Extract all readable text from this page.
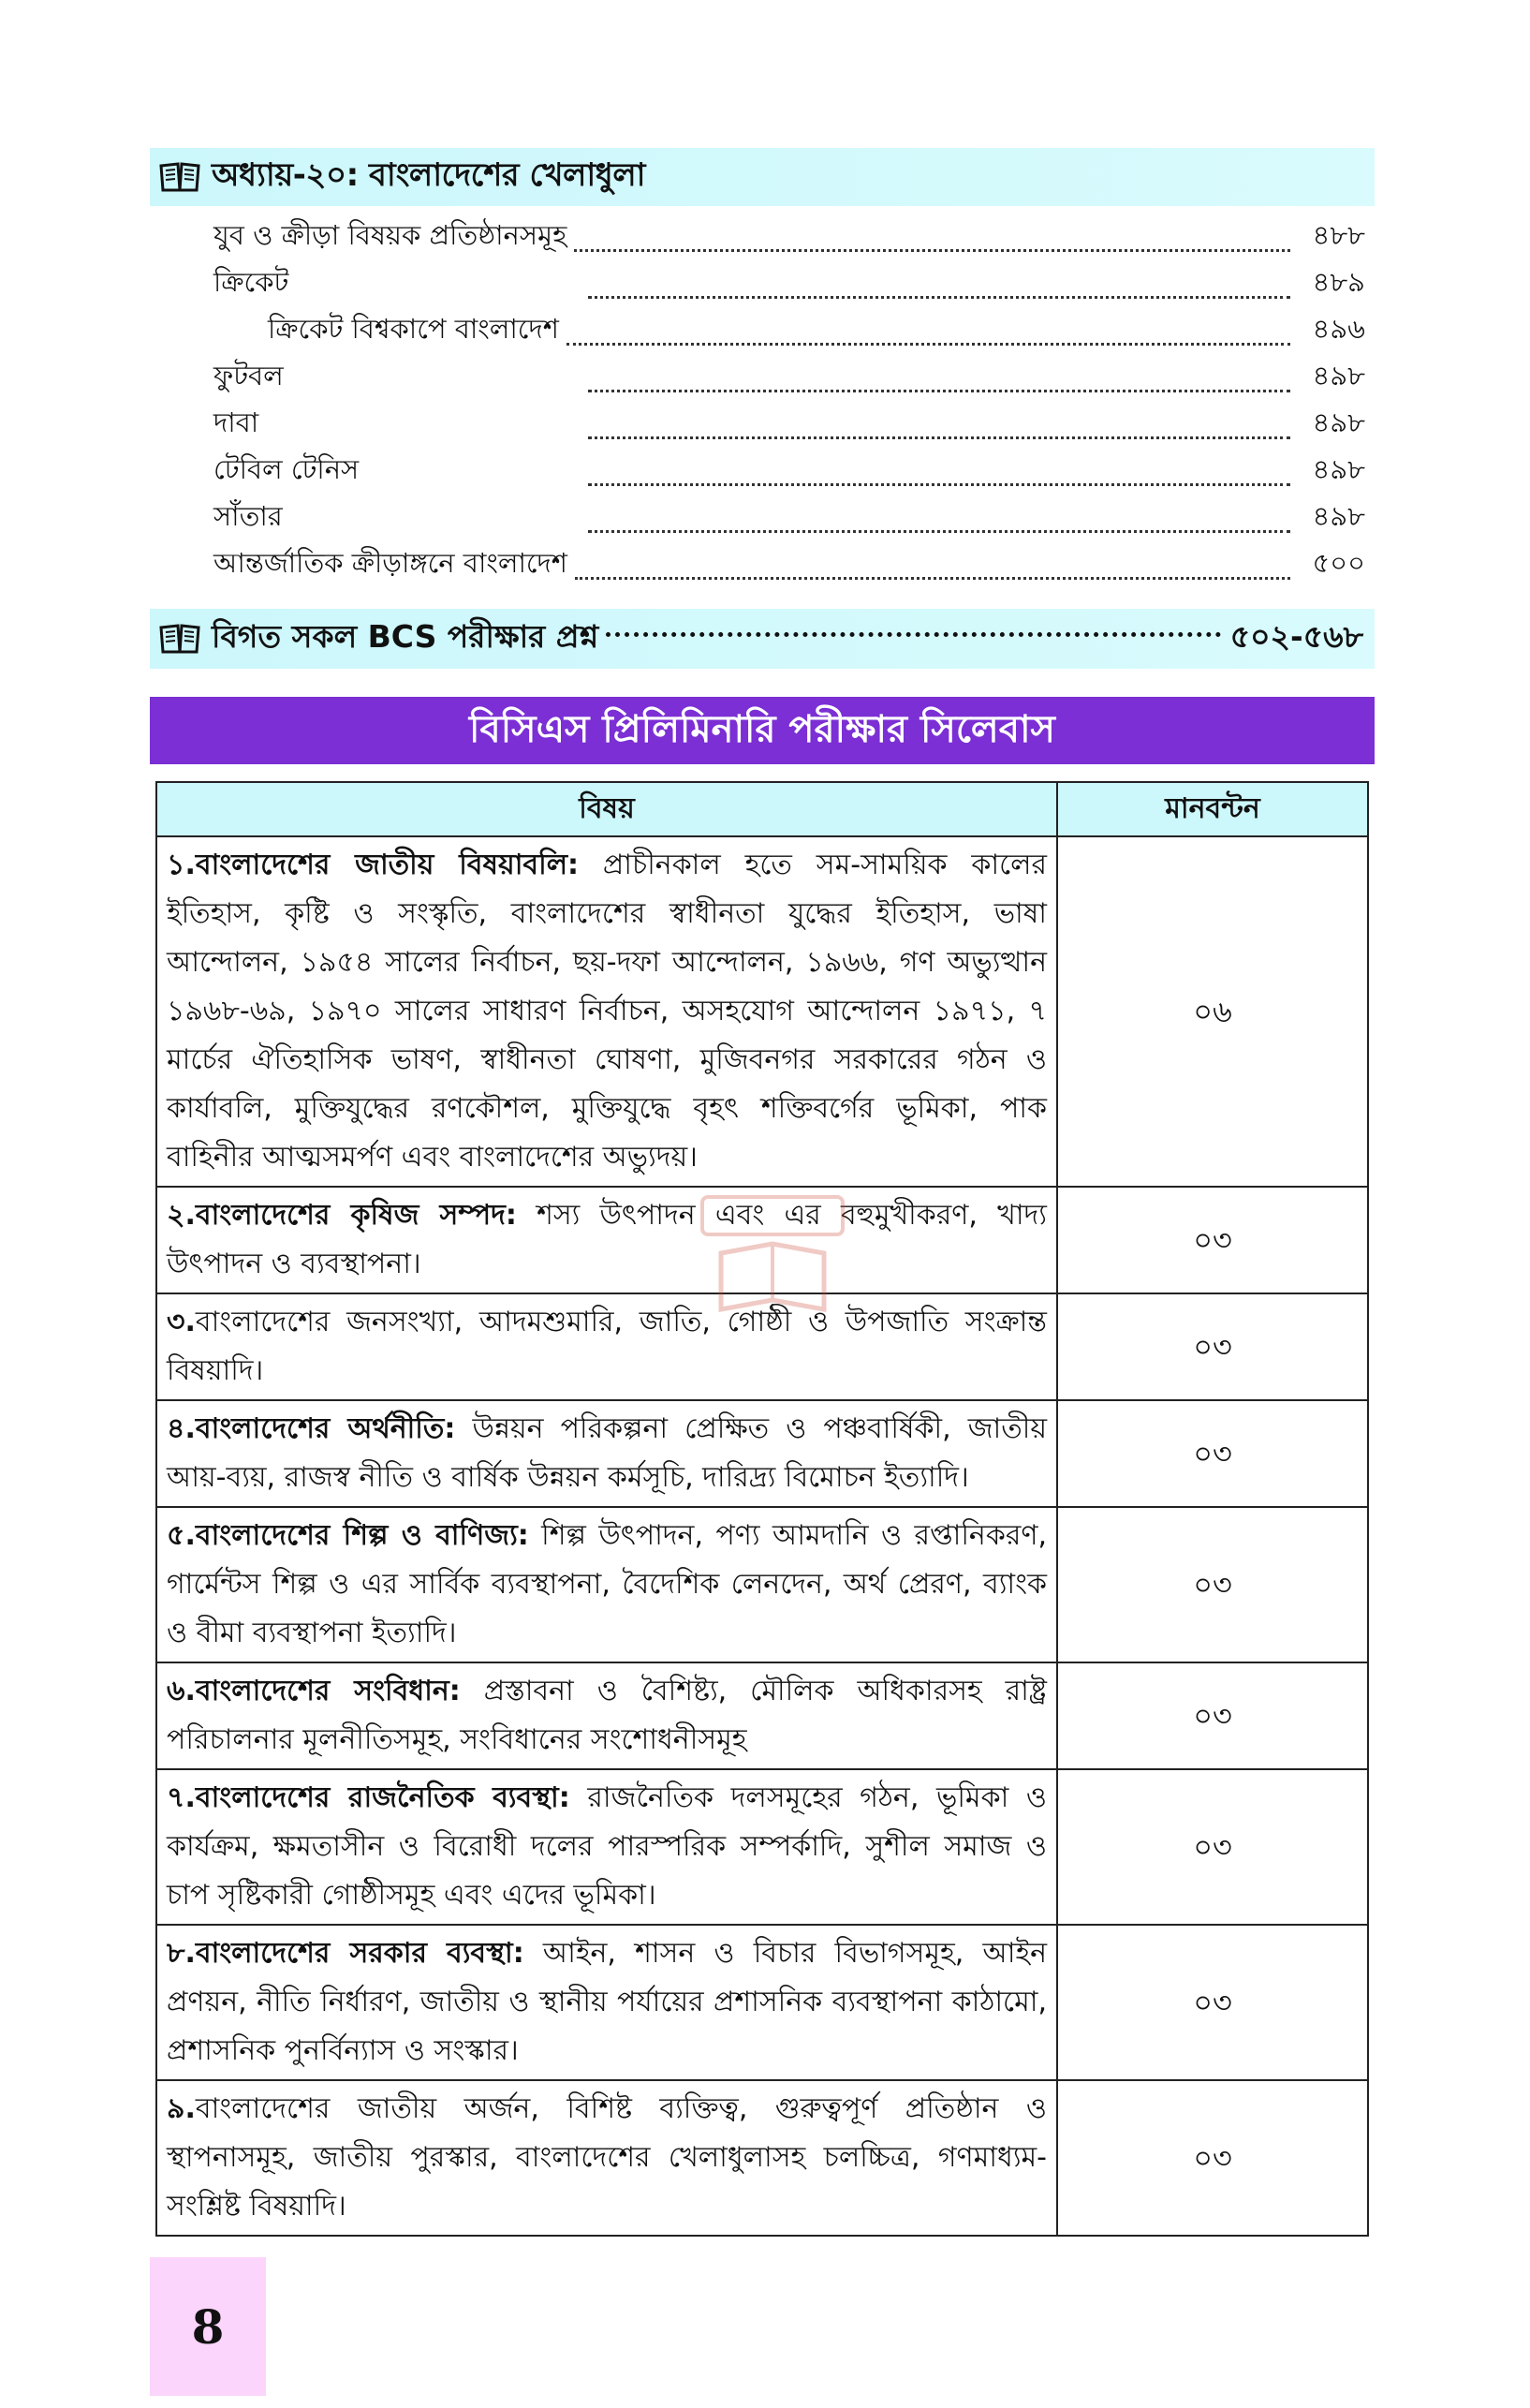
অধ্যায়-২০: বাংলাদেশের খেলাধুলা
যুব ও ক্রীড়া বিষয়ক প্রতিষ্ঠানসমূহ	৪৮৮
ক্রিকেট	৪৮৯
ক্রিকেট বিশ্বকাপে বাংলাদেশ	৪৯৬
ফুটবল	৪৯৮
দাবা	৪৯৮
টেবিল টেনিস	৪৯৮
সাঁতার	৪৯৮
আন্তর্জাতিক ক্রীড়াঙ্গনে বাংলাদেশ	৫০০
বিগত সকল BCS পরীক্ষার প্রশ্ন	৫০২-৫৬৮
বিসিএস প্রিলিমিনারি পরীক্ষার সিলেবাস
বিষয়	মানবন্টন
১.বাংলাদেশের জাতীয় বিষয়াবলি: প্রাচীনকাল হতে সম-সাময়িক কালের ইতিহাস, কৃষ্টি ও সংস্কৃতি, বাংলাদেশের স্বাধীনতা যুদ্ধের ইতিহাস, ভাষা আন্দোলন, ১৯৫৪ সালের নির্বাচন, ছয়-দফা আন্দোলন, ১৯৬৬, গণ অভ্যুত্থান ১৯৬৮-৬৯, ১৯৭০ সালের সাধারণ নির্বাচন, অসহযোগ আন্দোলন ১৯৭১, ৭ মার্চের ঐতিহাসিক ভাষণ, স্বাধীনতা ঘোষণা, মুজিবনগর সরকারের গঠন ও কার্যাবলি, মুক্তিযুদ্ধের রণকৌশল, মুক্তিযুদ্ধে বৃহৎ শক্তিবর্গের ভূমিকা, পাক বাহিনীর আত্মসমর্পণ এবং বাংলাদেশের অভ্যুদয়।	০৬
২.বাংলাদেশের কৃষিজ সম্পদ: শস্য উৎপাদন এবং এর বহুমুখীকরণ, খাদ্য উৎপাদন ও ব্যবস্থাপনা।	০৩
৩.বাংলাদেশের জনসংখ্যা, আদমশুমারি, জাতি, গোষ্ঠী ও উপজাতি সংক্রান্ত বিষয়াদি।	০৩
৪.বাংলাদেশের অর্থনীতি: উন্নয়ন পরিকল্পনা প্রেক্ষিত ও পঞ্চবার্ষিকী, জাতীয় আয়-ব্যয়, রাজস্ব নীতি ও বার্ষিক উন্নয়ন কর্মসূচি, দারিদ্র্য বিমোচন ইত্যাদি।	০৩
৫.বাংলাদেশের শিল্প ও বাণিজ্য: শিল্প উৎপাদন, পণ্য আমদানি ও রপ্তানিকরণ, গার্মেন্টস শিল্প ও এর সার্বিক ব্যবস্থাপনা, বৈদেশিক লেনদেন, অর্থ প্রেরণ, ব্যাংক ও বীমা ব্যবস্থাপনা ইত্যাদি।	০৩
৬.বাংলাদেশের সংবিধান: প্রস্তাবনা ও বৈশিষ্ট্য, মৌলিক অধিকারসহ রাষ্ট্র পরিচালনার মূলনীতিসমূহ, সংবিধানের সংশোধনীসমূহ	০৩
৭.বাংলাদেশের রাজনৈতিক ব্যবস্থা: রাজনৈতিক দলসমূহের গঠন, ভূমিকা ও কার্যক্রম, ক্ষমতাসীন ও বিরোধী দলের পারস্পরিক সম্পর্কাদি, সুশীল সমাজ ও চাপ সৃষ্টিকারী গোষ্ঠীসমূহ এবং এদের ভূমিকা।	০৩
৮.বাংলাদেশের সরকার ব্যবস্থা: আইন, শাসন ও বিচার বিভাগসমূহ, আইন প্রণয়ন, নীতি নির্ধারণ, জাতীয় ও স্থানীয় পর্যায়ের প্রশাসনিক ব্যবস্থাপনা কাঠামো, প্রশাসনিক পুনর্বিন্যাস ও সংস্কার।	০৩
৯.বাংলাদেশের জাতীয় অর্জন, বিশিষ্ট ব্যক্তিত্ব, গুরুত্বপূর্ণ প্রতিষ্ঠান ও স্থাপনাসমূহ, জাতীয় পুরস্কার, বাংলাদেশের খেলাধুলাসহ চলচ্চিত্র, গণমাধ্যম-সংশ্লিষ্ট বিষয়াদি।	০৩
8
